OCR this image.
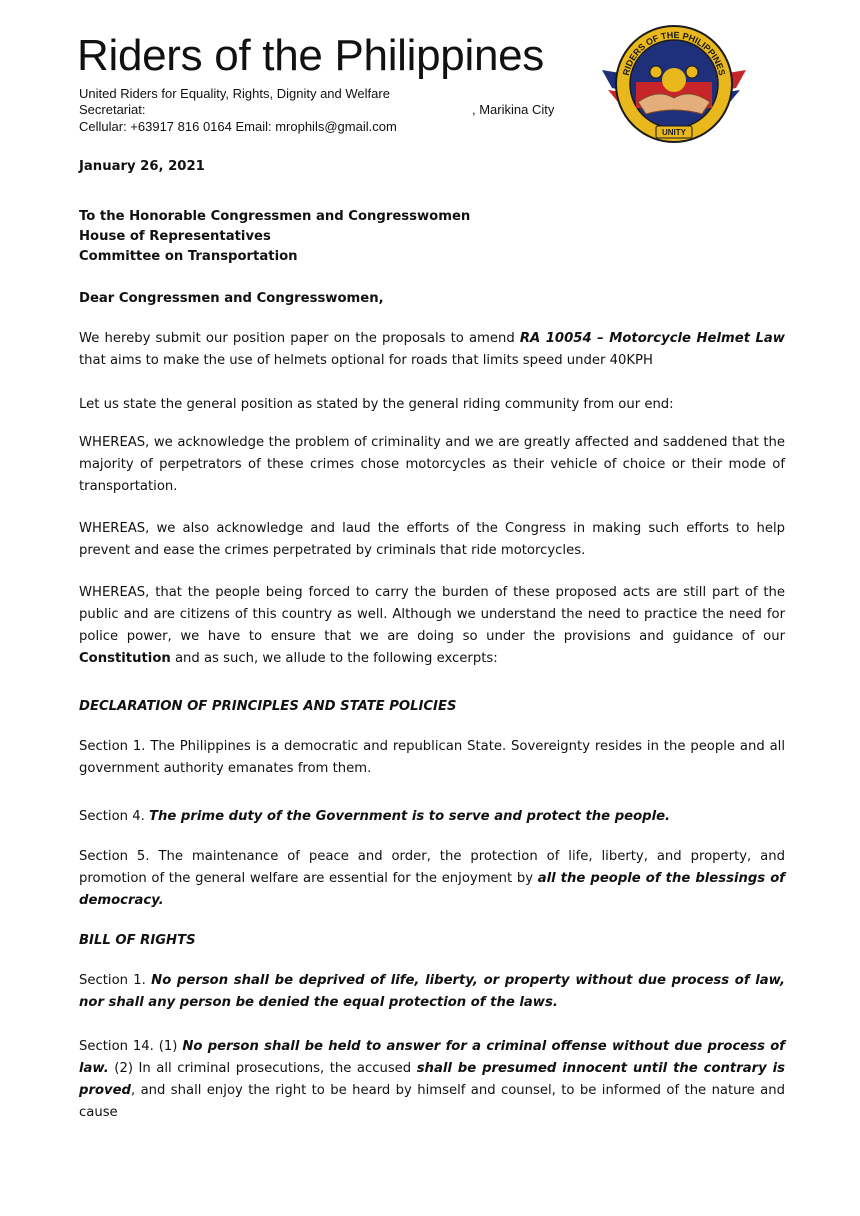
Riders of the Philippines
United Riders for Equality, Rights, Dignity and Welfare
Secretariat:	, Marikina City
Cellular: +63917 816 0164 Email: mrophils@gmail.com
RIDERS OF THE PHILIPPINES
UNITY
January 26, 2021
To the Honorable Congressmen and Congresswomen
House of Representatives
Committee on Transportation
Dear Congressmen and Congresswomen,
We hereby submit our position paper on the proposals to amend RA 10054 – Motorcycle Helmet Law that aims to make the use of helmets optional for roads that limits speed under 40KPH
Let us state the general position as stated by the general riding community from our end:
WHEREAS, we acknowledge the problem of criminality and we are greatly affected and saddened that the majority of perpetrators of these crimes chose motorcycles as their vehicle of choice or their mode of transportation.
WHEREAS, we also acknowledge and laud the efforts of the Congress in making such efforts to help prevent and ease the crimes perpetrated by criminals that ride motorcycles.
WHEREAS, that the people being forced to carry the burden of these proposed acts are still part of the public and are citizens of this country as well. Although we understand the need to practice the need for police power, we have to ensure that we are doing so under the provisions and guidance of our Constitution and as such, we allude to the following excerpts:
DECLARATION OF PRINCIPLES AND STATE POLICIES
Section 1. The Philippines is a democratic and republican State. Sovereignty resides in the people and all government authority emanates from them.
Section 4. The prime duty of the Government is to serve and protect the people.
Section 5. The maintenance of peace and order, the protection of life, liberty, and property, and promotion of the general welfare are essential for the enjoyment by all the people of the blessings of democracy.
BILL OF RIGHTS
Section 1. No person shall be deprived of life, liberty, or property without due process of law, nor shall any person be denied the equal protection of the laws.
Section 14. (1) No person shall be held to answer for a criminal offense without due process of law. (2) In all criminal prosecutions, the accused shall be presumed innocent until the contrary is proved, and shall enjoy the right to be heard by himself and counsel, to be informed of the nature and cause
